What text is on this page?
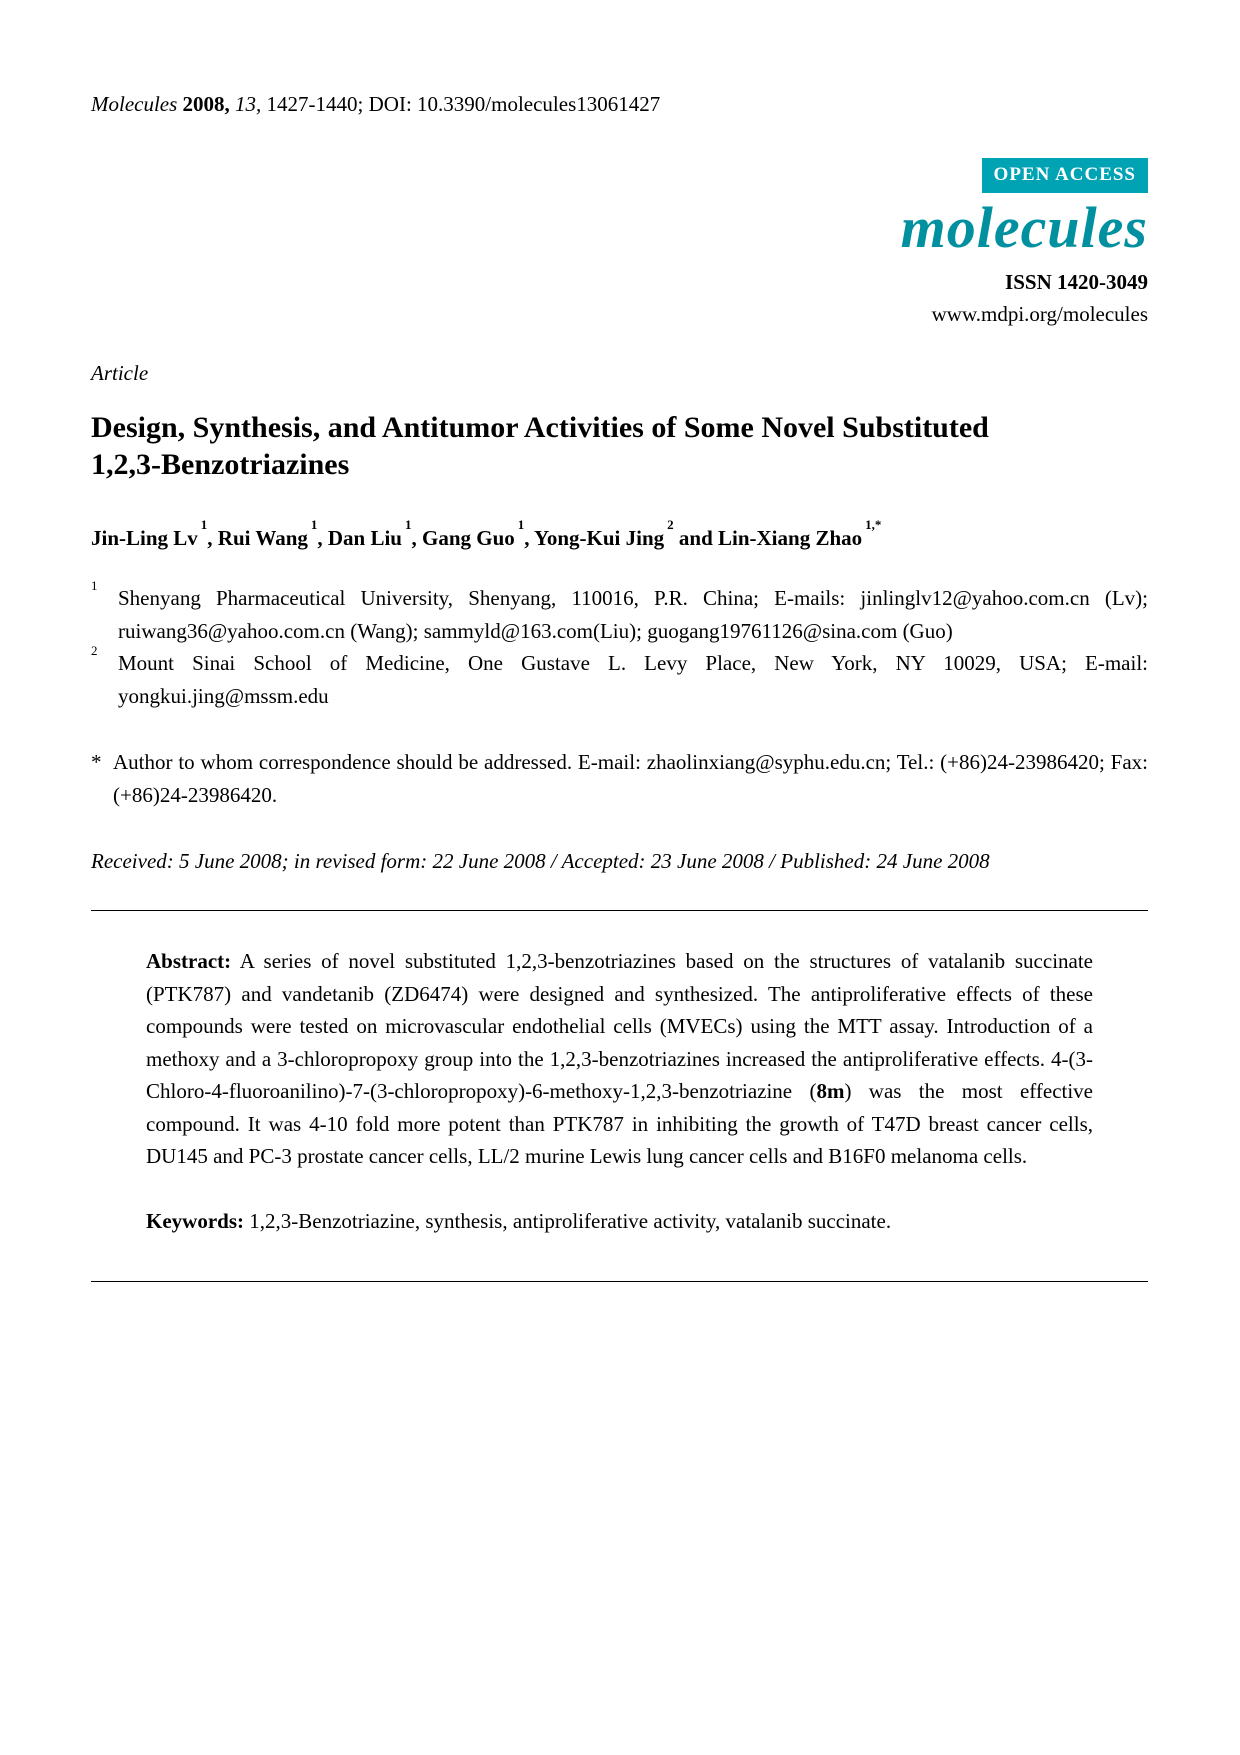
Molecules 2008, 13, 1427-1440; DOI: 10.3390/molecules13061427

OPEN ACCESS
molecules
ISSN 1420-3049
www.mdpi.org/molecules

Article

Design, Synthesis, and Antitumor Activities of Some Novel Substituted 1,2,3-Benzotriazines

Jin-Ling Lv$^1$, Rui Wang$^1$, Dan Liu$^1$, Gang Guo$^1$, Yong-Kui Jing$^2$ and Lin-Xiang Zhao$^{1,*}$

$^1$
Shenyang Pharmaceutical University, Shenyang, 110016, P.R. China; E-mails: jinlinglv12@yahoo.com.cn (Lv); ruiwang36@yahoo.com.cn (Wang); sammyld@163.com(Liu); guogang19761126@sina.com (Guo)
$^2$
Mount Sinai School of Medicine, One Gustave L. Levy Place, New York, NY 10029, USA; E-mail: yongkui.jing@mssm.edu
* Author to whom correspondence should be addressed. E-mail: zhaolinxiang@syphu.edu.cn; Tel.: (+86)24-23986420; Fax: (+86)24-23986420.

Received: 5 June 2008; in revised form: 22 June 2008 / Accepted: 23 June 2008 / Published: 24 June 2008

Abstract: A series of novel substituted 1,2,3-benzotriazines based on the structures of vatalanib succinate (PTK787) and vandetanib (ZD6474) were designed and synthesized. The antiproliferative effects of these compounds were tested on microvascular endothelial cells (MVECs) using the MTT assay. Introduction of a methoxy and a 3-chloropropoxy group into the 1,2,3-benzotriazines increased the antiproliferative effects. 4-(3-Chloro-4-fluoroanilino)-7-(3-chloropropoxy)-6-methoxy-1,2,3-benzotriazine (8m) was the most effective compound. It was 4-10 fold more potent than PTK787 in inhibiting the growth of T47D breast cancer cells, DU145 and PC-3 prostate cancer cells, LL/2 murine Lewis lung cancer cells and B16F0 melanoma cells.
Keywords: 1,2,3-Benzotriazine, synthesis, antiproliferative activity, vatalanib succinate.
